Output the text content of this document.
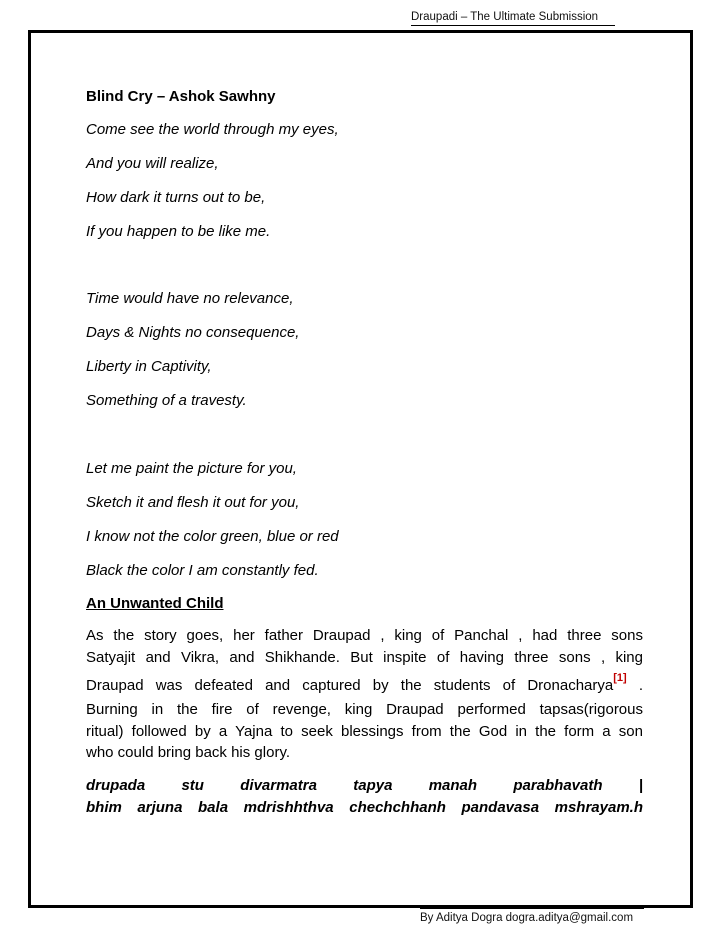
Draupadi – The Ultimate Submission
Blind Cry – Ashok Sawhny
Come see the world through my eyes,
And you will realize,
How dark it turns out to be,
If you happen to be like me.
Time would have no relevance,
Days & Nights no consequence,
Liberty in Captivity,
Something of a travesty.
Let me paint the picture for you,
Sketch it and flesh it out for you,
I know not the color green, blue or red
Black the color I am constantly fed.
An Unwanted Child
As the story goes, her father Draupad , king of Panchal , had three sons
Satyajit and Vikra, and Shikhande. But inspite of having three sons , king
Draupad was defeated and captured by the students of Dronacharya[1] .
Burning in the fire of revenge, king Draupad performed tapsas(rigorous
ritual) followed by a Yajna to seek blessings from the God in the form a son
who could bring back his glory.
drupada stu divarmatra tapya manah parabhavath |
bhim arjuna bala mdrishhthva chechchhanh pandavasa mshrayam.h
By Aditya Dogra dogra.aditya@gmail.com
